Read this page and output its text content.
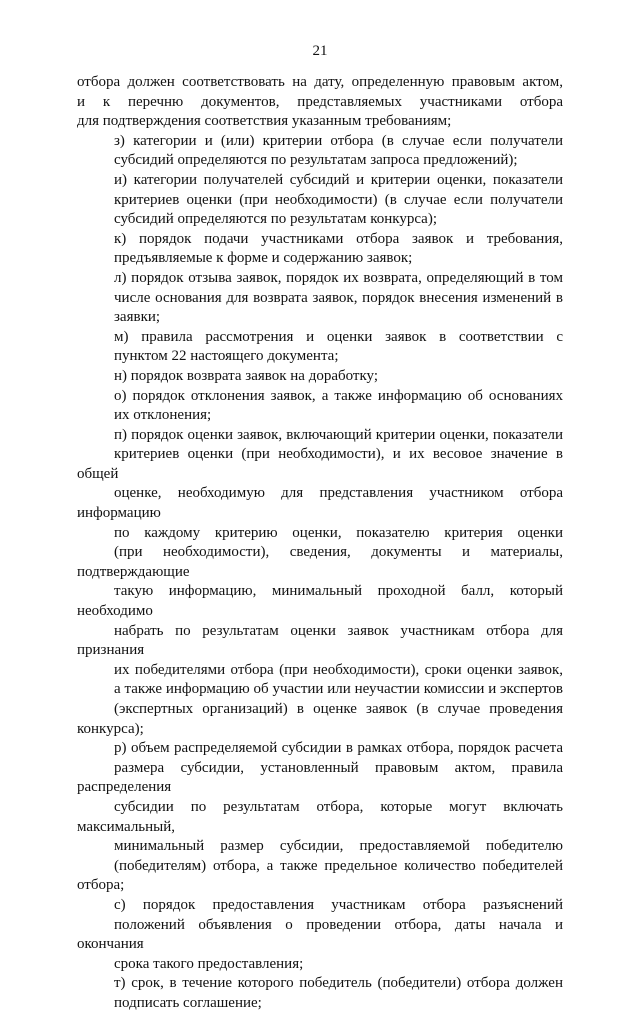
21
отбора должен соответствовать на дату, определенную правовым актом,
и к перечню документов, представляемых участниками отбора
для подтверждения соответствия указанным требованиям;
з) категории и (или) критерии отбора (в случае если получатели
субсидий определяются по результатам запроса предложений);
и) категории получателей субсидий и критерии оценки, показатели
критериев оценки (при необходимости) (в случае если получатели
субсидий определяются по результатам конкурса);
к) порядок подачи участниками отбора заявок и требования,
предъявляемые к форме и содержанию заявок;
л) порядок отзыва заявок, порядок их возврата, определяющий в том
числе основания для возврата заявок, порядок внесения изменений в
заявки;
м) правила рассмотрения и оценки заявок в соответствии с
пунктом 22 настоящего документа;
н) порядок возврата заявок на доработку;
о) порядок отклонения заявок, а также информацию об основаниях
их отклонения;
п) порядок оценки заявок, включающий критерии оценки, показатели
критериев оценки (при необходимости), и их весовое значение в общей
оценке, необходимую для представления участником отбора информацию
по каждому критерию оценки, показателю критерия оценки
(при необходимости), сведения, документы и материалы, подтверждающие
такую информацию, минимальный проходной балл, который необходимо
набрать по результатам оценки заявок участникам отбора для признания
их победителями отбора (при необходимости), сроки оценки заявок,
а также информацию об участии или неучастии комиссии и экспертов
(экспертных организаций) в оценке заявок (в случае проведения конкурса);
р) объем распределяемой субсидии в рамках отбора, порядок расчета
размера субсидии, установленный правовым актом, правила распределения
субсидии по результатам отбора, которые могут включать максимальный,
минимальный размер субсидии, предоставляемой победителю
(победителям) отбора, а также предельное количество победителей отбора;
с) порядок предоставления участникам отбора разъяснений
положений объявления о проведении отбора, даты начала и окончания
срока такого предоставления;
т) срок, в течение которого победитель (победители) отбора должен
подписать соглашение;
